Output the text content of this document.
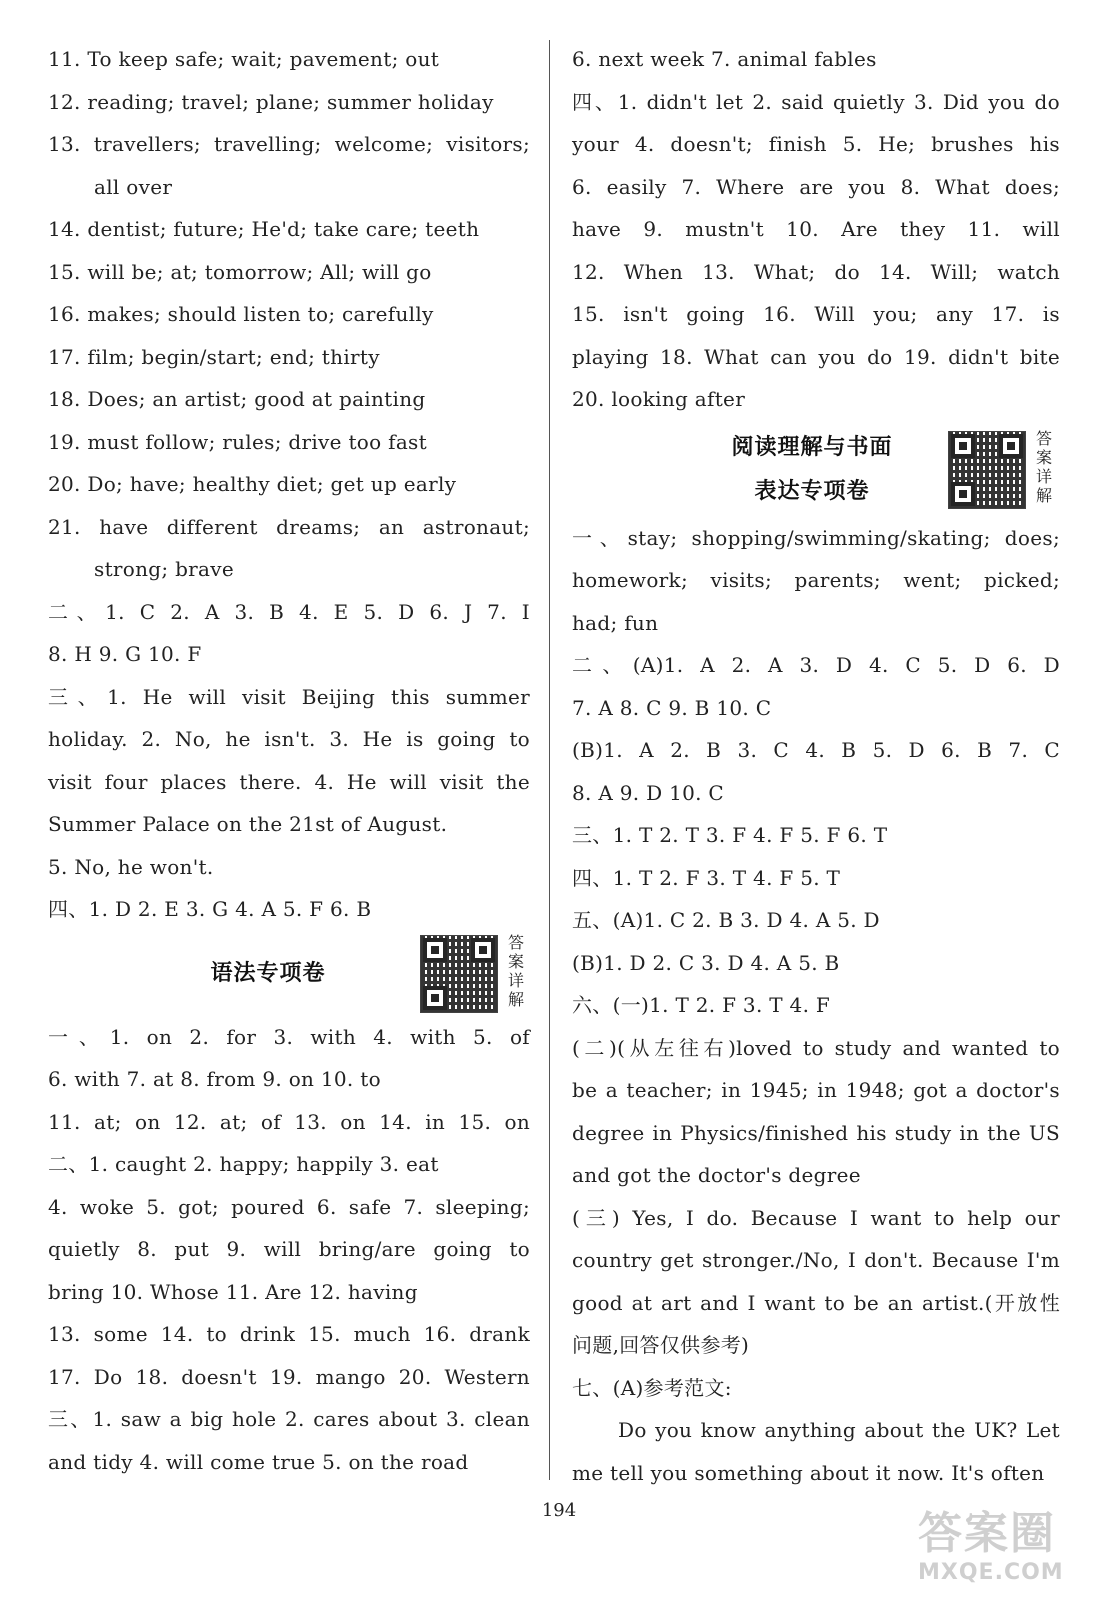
11. To keep safe; wait; pavement; out
12. reading; travel; plane; summer holiday
13. travellers; travelling; welcome; visitors;
all over
14. dentist; future; He'd; take care; teeth
15. will be; at; tomorrow; All; will go
16. makes; should listen to; carefully
17. film; begin/start; end; thirty
18. Does; an artist; good at painting
19. must follow; rules; drive too fast
20. Do; have; healthy diet; get up early
21. have different dreams; an astronaut;
strong; brave
二、1. C 2. A 3. B 4. E 5. D 6. J 7. I
8. H 9. G 10. F
三、1. He will visit Beijing this summer
holiday. 2. No, he isn't. 3. He is going to
visit four places there. 4. He will visit the
Summer Palace on the 21st of August.
5. No, he won't.
四、1. D 2. E 3. G 4. A 5. F 6. B
语法专项卷
答案详解
一、1. on 2. for 3. with 4. with 5. of
6. with 7. at 8. from 9. on 10. to
11. at; on 12. at; of 13. on 14. in 15. on
二、1. caught 2. happy; happily 3. eat
4. woke 5. got; poured 6. safe 7. sleeping;
quietly 8. put 9. will bring/are going to
bring 10. Whose 11. Are 12. having
13. some 14. to drink 15. much 16. drank
17. Do 18. doesn't 19. mango 20. Western
三、1. saw a big hole 2. cares about 3. clean
and tidy 4. will come true 5. on the road
6. next week 7. animal fables
四、1. didn't let 2. said quietly 3. Did you do
your 4. doesn't; finish 5. He; brushes his
6. easily 7. Where are you 8. What does;
have 9. mustn't 10. Are they 11. will
12. When 13. What; do 14. Will; watch
15. isn't going 16. Will you; any 17. is
playing 18. What can you do 19. didn't bite
20. looking after
阅读理解与书面
表达专项卷
答案详解
一、stay; shopping/swimming/skating; does;
homework; visits; parents; went; picked;
had; fun
二、(A)1. A 2. A 3. D 4. C 5. D 6. D
7. A 8. C 9. B 10. C
(B)1. A 2. B 3. C 4. B 5. D 6. B 7. C
8. A 9. D 10. C
三、1. T 2. T 3. F 4. F 5. F 6. T
四、1. T 2. F 3. T 4. F 5. T
五、(A)1. C 2. B 3. D 4. A 5. D
(B)1. D 2. C 3. D 4. A 5. B
六、(一)1. T 2. F 3. T 4. F
(二)(从左往右)loved to study and wanted to
be a teacher; in 1945; in 1948; got a doctor's
degree in Physics/finished his study in the US
and got the doctor's degree
(三) Yes, I do. Because I want to help our
country get stronger./No, I don't. Because I'm
good at art and I want to be an artist.(开放性
问题,回答仅供参考)
七、(A)参考范文:
Do you know anything about the UK? Let
me tell you something about it now. It's often
194	答案圈
MXQE.COM
